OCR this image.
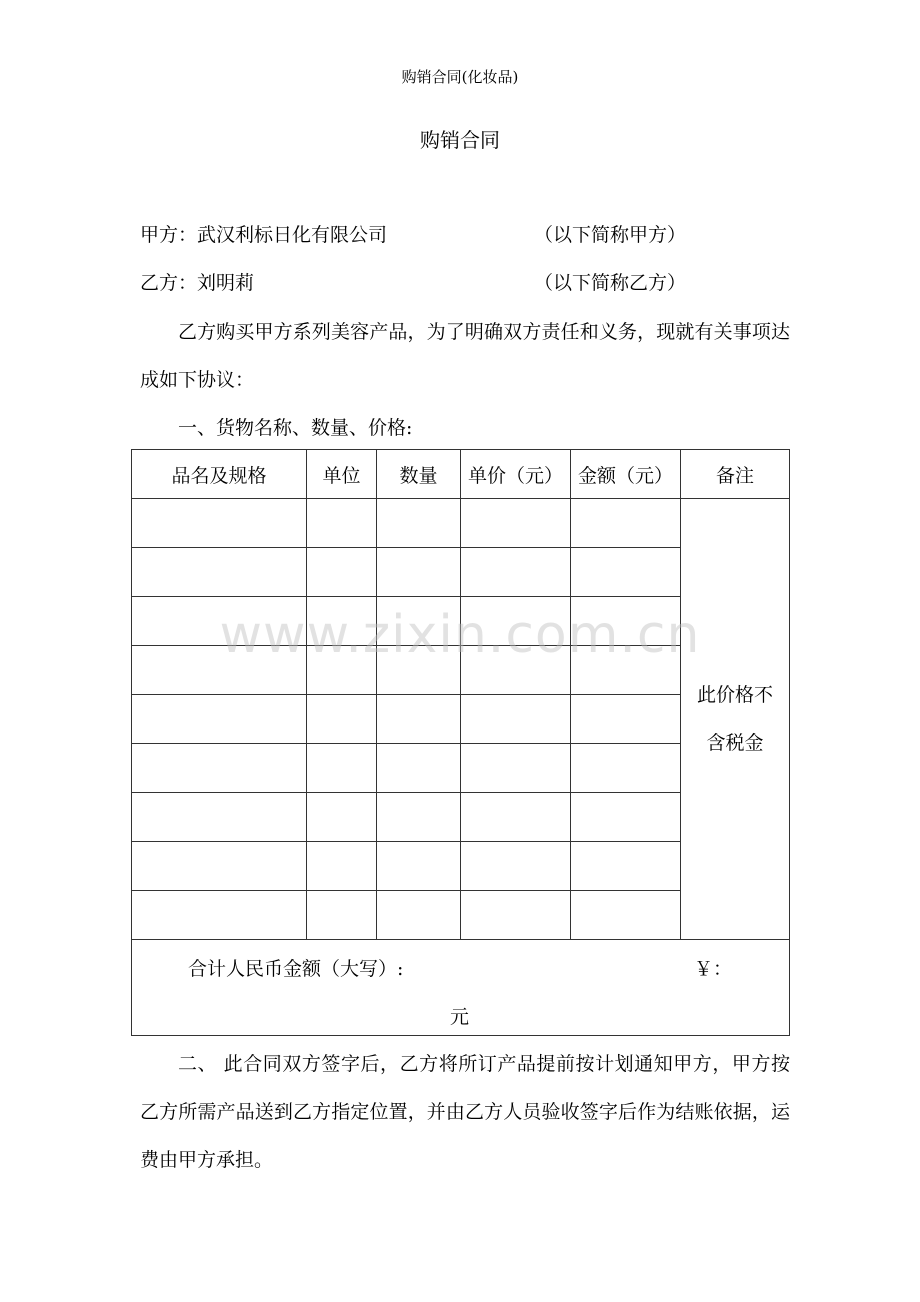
购销合同(化妆品)
购销合同
甲方：武汉利标日化有限公司	（以下简称甲方）
乙方：刘明莉	（以下简称乙方）
乙方购买甲方系列美容产品，为了明确双方责任和义务，现就有关事项达成如下协议：
一、货物名称、数量、价格:
品名及规格	单位	数量	单价（元）	金额（元）	备注
					此价格不含税金

合计人民币金额（大写）: ￥：
元					
www.zixin.com.cn
二、 此合同双方签字后，乙方将所订产品提前按计划通知甲方，甲方按乙方所需产品送到乙方指定位置，并由乙方人员验收签字后作为结账依据，运费由甲方承担。
